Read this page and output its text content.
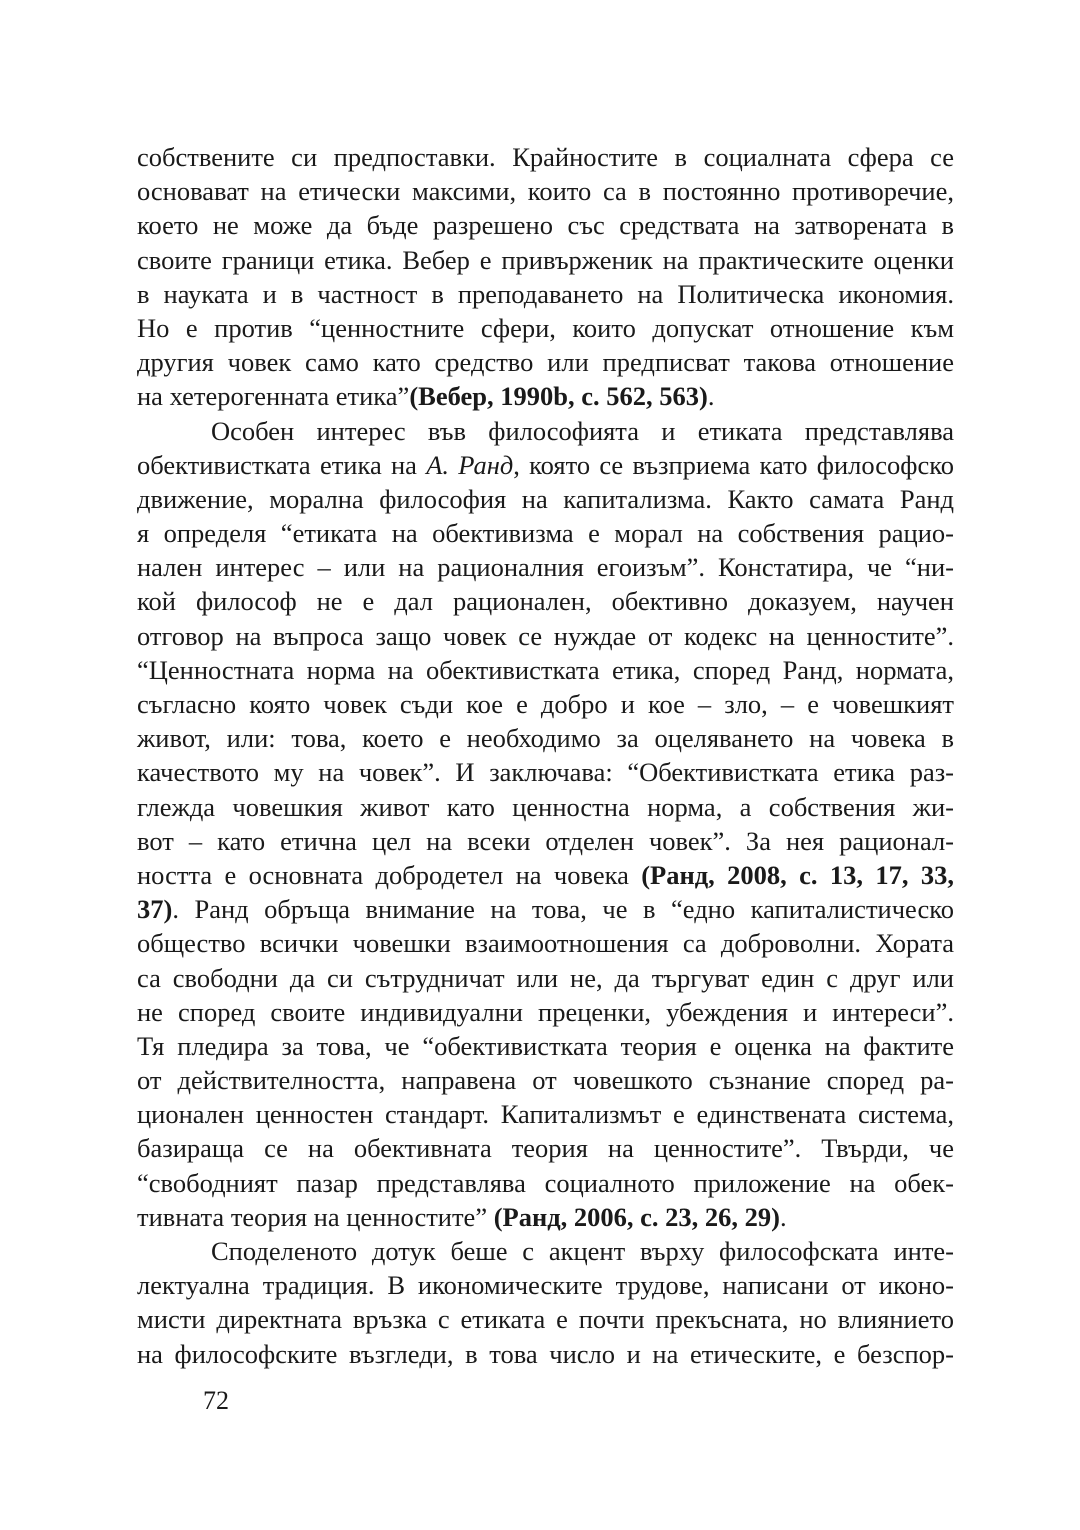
собствените си предпоставки. Крайностите в социалната сфера се
основават на етически максими, които са в постоянно противоречие,
което не може да бъде разрешено със средствата на затворената в
своите граници етика. Вебер е привърженик на практическите оценки
в науката и в частност в преподаването на Политическа икономия.
Но е против “ценностните сфери, които допускат отношение към
другия човек само като средство или предписват такова отношение
на хетерогенната етика”(Вебер, 1990b, с. 562, 563).
Особен интерес във философията и етиката представлява
обективистката етика на А. Ранд, която се възприема като философско
движение, морална философия на капитализма. Както самата Ранд
я определя “етиката на обективизма е морал на собствения рацио-
нален интерес – или на рационалния егоизъм”. Констатира, че “ни-
кой философ не е дал рационален, обективно доказуем, научен
отговор на въпроса защо човек се нуждае от кодекс на ценностите”.
“Ценностната норма на обективистката етика, според Ранд, нормата,
съгласно която човек съди кое е добро и кое – зло, – е човешкият
живот, или: това, което е необходимо за оцеляването на човека в
качеството му на човек”. И заключава: “Обективистката етика раз-
глежда човешкия живот като ценностна норма, а собствения жи-
вот – като етична цел на всеки отделен човек”. За нея рационал-
ността е основната добродетел на човека (Ранд, 2008, с. 13, 17, 33,
37). Ранд обръща внимание на това, че в “едно капиталистическо
общество всички човешки взаимоотношения са доброволни. Хората
са свободни да си сътрудничат или не, да търгуват един с друг или
не според своите индивидуални преценки, убеждения и интереси”.
Тя пледира за това, че “обективистката теория е оценка на фактите
от действителността, направена от човешкото съзнание според ра-
ционален ценностен стандарт. Капитализмът е единствената система,
базираща се на обективната теория на ценностите”. Твърди, че
“свободният пазар представлява социалното приложение на обек-
тивната теория на ценностите” (Ранд, 2006, с. 23, 26, 29).
Споделеното дотук беше с акцент върху философската инте-
лектуална традиция. В икономическите трудове, написани от иконо-
мисти директната връзка с етиката е почти прекъсната, но влиянието
на философските възгледи, в това число и на етическите, е безспор-
72
